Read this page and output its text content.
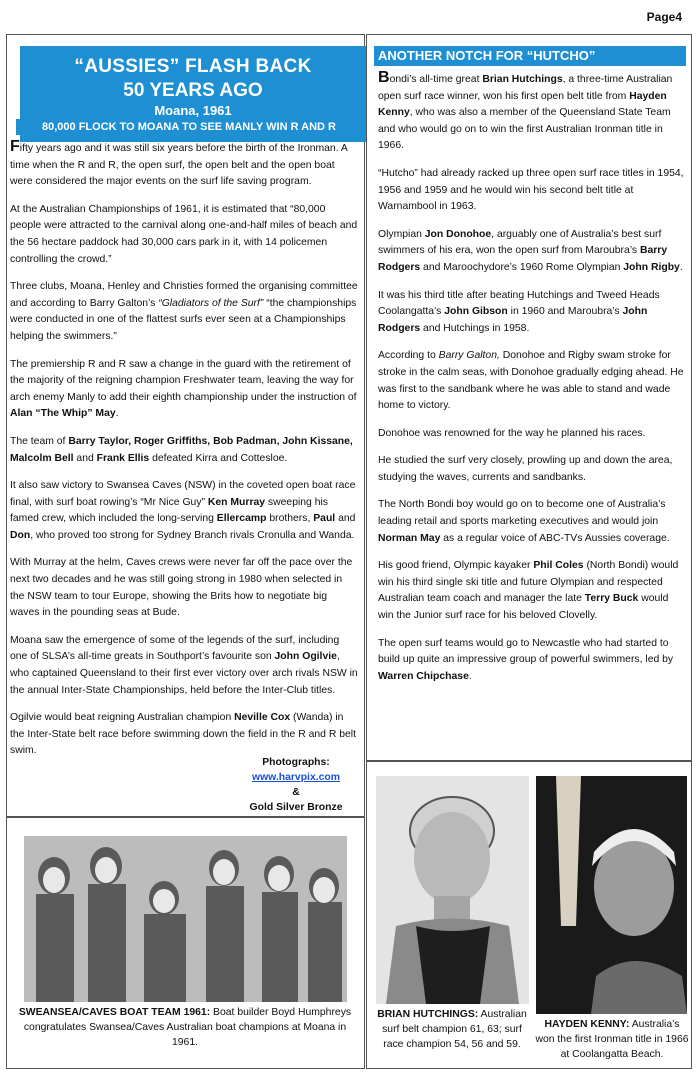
Page4
“AUSSIES” FLASH BACK
50 YEARS AGO
Moana, 1961
80,000 FLOCK TO MOANA TO SEE MANLY WIN R AND R

Fifty years ago and it was still six years before the birth of the Ironman. A time when the R and R, the open surf, the open belt and the open boat were considered the major events on the surf life saving program.

At the Australian Championships of 1961, it is estimated that “80,000 people were attracted to the carnival along one-and-half miles of beach and the 56 hectare paddock had 30,000 cars park in it, with 14 policemen controlling the crowd.”

Three clubs, Moana, Henley and Christies formed the organising committee and according to Barry Galton’s “Gladiators of the Surf” “the championships were conducted in one of the flattest surfs ever seen at a Championships helping the swimmers.”

The premiership R and R saw a change in the guard with the retirement of the majority of the reigning champion Freshwater team, leaving the way for arch enemy Manly to add their eighth championship under the instruction of Alan “The Whip” May.

The team of Barry Taylor, Roger Griffiths, Bob Padman, John Kissane, Malcolm Bell and Frank Ellis defeated Kirra and Cottesloe.

It also saw victory to Swansea Caves (NSW) in the coveted open boat race final, with surf boat rowing’s “Mr Nice Guy” Ken Murray sweeping his famed crew, which included the long-serving Ellercamp brothers, Paul and Don, who proved too strong for Sydney Branch rivals Cronulla and Wanda.

With Murray at the helm, Caves crews were never far off the pace over the next two decades and he was still going strong in 1980 when selected in the NSW team to tour Europe, showing the Brits how to negotiate big waves in the pounding seas at Bude.

Moana saw the emergence of some of the legends of the surf, including one of SLSA’s all-time greats in Southport’s favourite son John Ogilvie, who captained Queensland to their first ever victory over arch rivals NSW in the annual Inter-State Championships, held before the Inter-Club titles.

Ogilvie would beat reigning Australian champion Neville Cox (Wanda) in the Inter-State belt race before swimming down the field in the R and R belt swim.

Photographs:
www.harvpix.com
&
Gold Silver Bronze
ANOTHER NOTCH FOR “HUTCHO”

Bondi’s all-time great Brian Hutchings, a three-time Australian open surf race winner, won his first open belt title from Hayden Kenny, who was also a member of the Queensland State Team and who would go on to win the first Australian Ironman title in 1966.

“Hutcho” had already racked up three open surf race titles in 1954, 1956 and 1959 and he would win his second belt title at Warnambool in 1963.

Olympian Jon Donohoe, arguably one of Australia’s best surf swimmers of his era, won the open surf from Maroubra’s Barry Rodgers and Maroochydore’s 1960 Rome Olympian John Rigby.

It was his third title after beating Hutchings and Tweed Heads Coolangatta’s John Gibson in 1960 and Maroubra’s John Rodgers and Hutchings in 1958.

According to Barry Galton, Donohoe and Rigby swam stroke for stroke in the calm seas, with Donohoe gradually edging ahead. He was first to the sandbank where he was able to stand and wade home to victory.

Donohoe was renowned for the way he planned his races.

He studied the surf very closely, prowling up and down the area, studying the waves, currents and sandbanks.

The North Bondi boy would go on to become one of Australia’s leading retail and sports marketing executives and would join Norman May as a regular voice of ABC-TVs Aussies coverage.

His good friend, Olympic kayaker Phil Coles (North Bondi) would win his third single ski title and future Olympian and respected Australian team coach and manager the late Terry Buck would win the Junior surf race for his beloved Clovelly.

The open surf teams would go to Newcastle who had started to build up quite an impressive group of powerful swimmers, led by Warren Chipchase.

SWEANSEA/CAVES BOAT TEAM 1961: Boat builder Boyd Humphreys congratulates Swansea/Caves Australian boat champions at Moana in 1961.
BRIAN HUTCHINGS: Australian surf belt champion 61, 63; surf race champion 54, 56 and 59.
HAYDEN KENNY: Australia’s won the first Ironman title in 1966 at Coolangatta Beach.
